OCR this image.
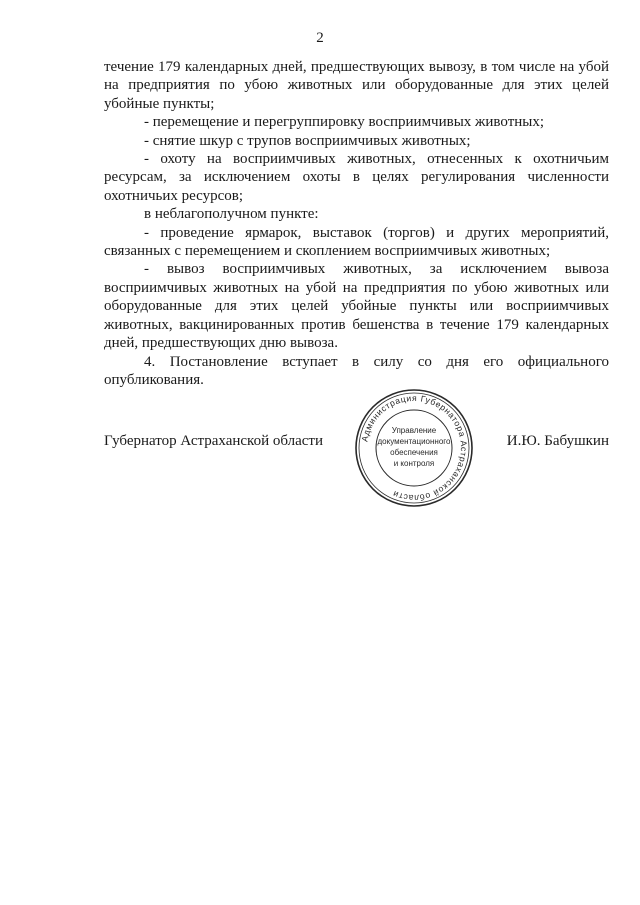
2

течение 179 календарных дней, предшествующих вывозу, в том числе на убой на предприятия по убою животных или оборудованные для этих целей убойные пункты;

- перемещение и перегруппировку восприимчивых животных;

- снятие шкур с трупов восприимчивых животных;

- охоту на восприимчивых животных, отнесенных к охотничьим ресурсам, за исключением охоты в целях регулирования численности охотничьих ресурсов;

в неблагополучном пункте:

- проведение ярмарок, выставок (торгов) и других мероприятий, связанных с перемещением и скоплением восприимчивых животных;

- вывоз восприимчивых животных, за исключением вывоза восприимчивых животных на убой на предприятия по убою животных или оборудованные для этих целей убойные пункты или восприимчивых животных, вакцинированных против бешенства в течение 179 календарных дней, предшествующих дню вывоза.

4. Постановление вступает в силу со дня его официального опубликования.

Губернатор Астраханской области	И.Ю. Бабушкин
Администрация Губернатора Астраханской области
Управление
документационного
обеспечения
и контроля
